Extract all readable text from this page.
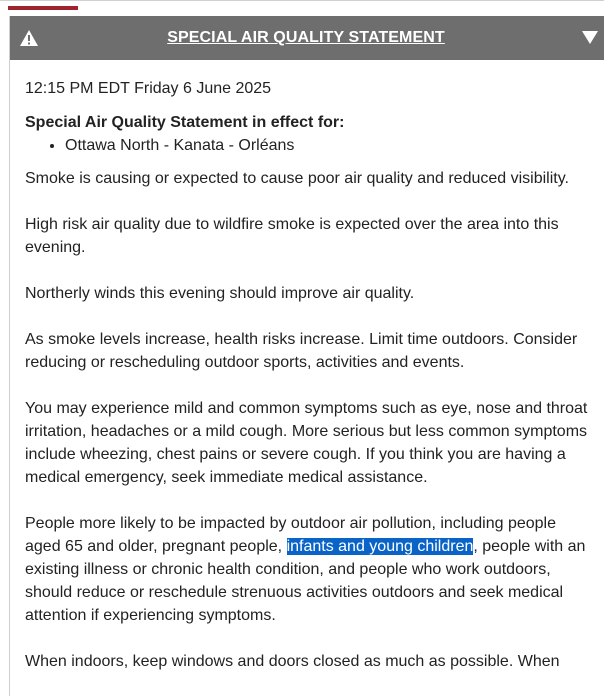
SPECIAL AIR QUALITY STATEMENT

12:15 PM EDT Friday 6 June 2025

Special Air Quality Statement in effect for:

• Ottawa North - Kanata - Orléans

Smoke is causing or expected to cause poor air quality and reduced visibility.

High risk air quality due to wildfire smoke is expected over the area into this evening.

Northerly winds this evening should improve air quality.

As smoke levels increase, health risks increase. Limit time outdoors. Consider reducing or rescheduling outdoor sports, activities and events.

You may experience mild and common symptoms such as eye, nose and throat irritation, headaches or a mild cough. More serious but less common symptoms include wheezing, chest pains or severe cough. If you think you are having a medical emergency, seek immediate medical assistance.

People more likely to be impacted by outdoor air pollution, including people aged 65 and older, pregnant people, infants and young children, people with an existing illness or chronic health condition, and people who work outdoors, should reduce or reschedule strenuous activities outdoors and seek medical attention if experiencing symptoms.

When indoors, keep windows and doors closed as much as possible. When
